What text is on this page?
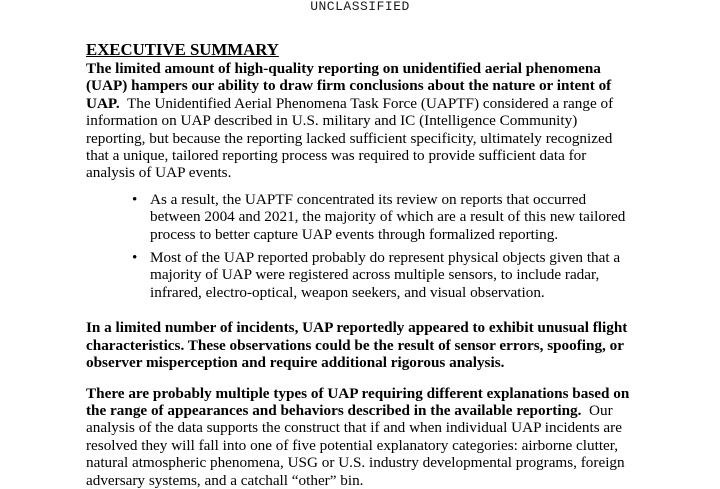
UNCLASSIFIED
EXECUTIVE SUMMARY

The limited amount of high-quality reporting on unidentified aerial phenomena (UAP) hampers our ability to draw firm conclusions about the nature or intent of UAP. The Unidentified Aerial Phenomena Task Force (UAPTF) considered a range of information on UAP described in U.S. military and IC (Intelligence Community) reporting, but because the reporting lacked sufficient specificity, ultimately recognized that a unique, tailored reporting process was required to provide sufficient data for analysis of UAP events.

• As a result, the UAPTF concentrated its review on reports that occurred between 2004 and 2021, the majority of which are a result of this new tailored process to better capture UAP events through formalized reporting.
• Most of the UAP reported probably do represent physical objects given that a majority of UAP were registered across multiple sensors, to include radar, infrared, electro-optical, weapon seekers, and visual observation.

In a limited number of incidents, UAP reportedly appeared to exhibit unusual flight characteristics. These observations could be the result of sensor errors, spoofing, or observer misperception and require additional rigorous analysis.

There are probably multiple types of UAP requiring different explanations based on the range of appearances and behaviors described in the available reporting. Our analysis of the data supports the construct that if and when individual UAP incidents are resolved they will fall into one of five potential explanatory categories: airborne clutter, natural atmospheric phenomena, USG or U.S. industry developmental programs, foreign adversary systems, and a catchall “other” bin.
